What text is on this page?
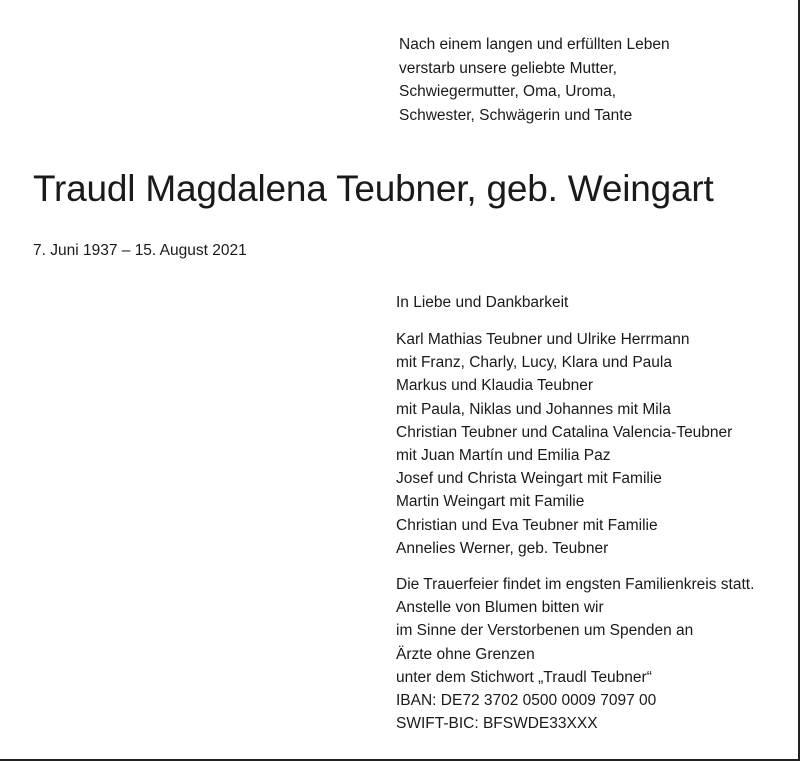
Nach einem langen und erfüllten Leben
verstarb unsere geliebte Mutter,
Schwiegermutter, Oma, Uroma,
Schwester, Schwägerin und Tante
Traudl Magdalena Teubner, geb. Weingart
7. Juni 1937 – 15. August 2021
In Liebe und Dankbarkeit
Karl Mathias Teubner und Ulrike Herrmann
mit Franz, Charly, Lucy, Klara und Paula
Markus und Klaudia Teubner
mit Paula, Niklas und Johannes mit Mila
Christian Teubner und Catalina Valencia-Teubner
mit Juan Martín und Emilia Paz
Josef und Christa Weingart mit Familie
Martin Weingart mit Familie
Christian und Eva Teubner mit Familie
Annelies Werner, geb. Teubner
Die Trauerfeier findet im engsten Familienkreis statt.
Anstelle von Blumen bitten wir
im Sinne der Verstorbenen um Spenden an
Ärzte ohne Grenzen
unter dem Stichwort „Traudl Teubner“
IBAN: DE72 3702 0500 0009 7097 00
SWIFT-BIC: BFSWDE33XXX
